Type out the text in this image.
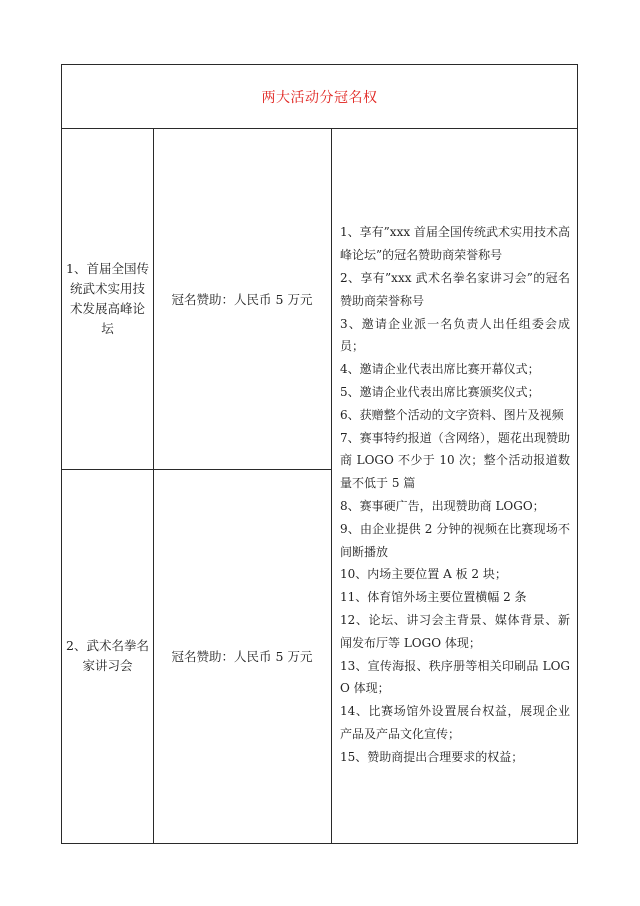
两大活动分冠名权
1、首届全国传统武术实用技术发展高峰论坛
冠名赞助：人民币 5 万元
2、武术名拳名家讲习会
冠名赞助：人民币 5 万元
1、享有”xxx 首届全国传统武术实用技术高峰论坛”的冠名赞助商荣誉称号
2、享有”xxx 武术名拳名家讲习会”的冠名赞助商荣誉称号
3、邀请企业派一名负责人出任组委会成员；
4、邀请企业代表出席比赛开幕仪式；
5、邀请企业代表出席比赛颁奖仪式；
6、获赠整个活动的文字资料、图片及视频
7、赛事特约报道（含网络），题花出现赞助商 LOGO 不少于 10 次；整个活动报道数量不低于 5 篇
8、赛事硬广告，出现赞助商 LOGO；
9、由企业提供 2 分钟的视频在比赛现场不间断播放
10、内场主要位置 A 板 2 块；
11、体育馆外场主要位置横幅 2 条
12、论坛、讲习会主背景、媒体背景、新闻发布厅等 LOGO 体现；
13、宣传海报、秩序册等相关印刷品 LOGO 体现；
14、比赛场馆外设置展台权益，展现企业产品及产品文化宣传；
15、赞助商提出合理要求的权益；
